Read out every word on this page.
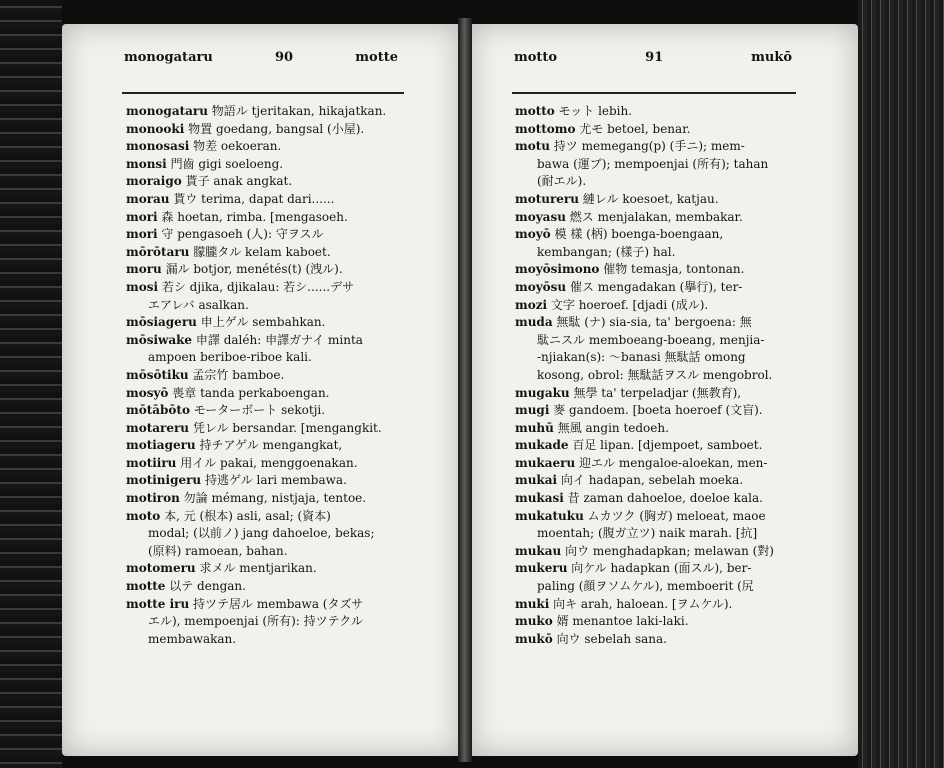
monogataru	90	motte	motto	91	mukō
monogataru 物語ル tjeritakan, hikajatkan.
monooki 物置 goedang, bangsal (小屋).
monosasi 物差 oekoeran.
monsi 門齒 gigi soeloeng.
moraigo 貰子 anak angkat.
morau 貰ウ terima, dapat dari......
mori 森 hoetan, rimba. [mengasoeh.
mori 守 pengasoeh (人): 守ヲスル
mōrōtaru 朦朧タル kelam kaboet.
moru 漏ル botjor, menétés(t) (洩ル).
mosi 若シ djika, djikalau: 若シ......デサ
エアレバ asalkan.
mōsiageru 申上ゲル sembahkan.
mōsiwake 申譯 daléh: 申譯ガナイ minta
ampoen beriboe-riboe kali.
mōsōtiku 孟宗竹 bamboe.
mosyō 喪章 tanda perkaboengan.
mōtābōto モーターボート sekotji.
motareru 凭レル bersandar. [mengangkit.
motiageru 持チアゲル mengangkat,
motiiru 用イル pakai, menggoenakan.
motinigeru 持逃ゲル lari membawa.
motiron 勿論 mémang, nistjaja, tentoe.
moto 本, 元 (根本) asli, asal; (資本)
modal; (以前ノ) jang dahoeloe, bekas;
(原料) ramoean, bahan.
motomeru 求メル mentjarikan.
motte 以テ dengan.
motte iru 持ツテ居ル membawa (タズサ
エル), mempoenjai (所有): 持ツテクル
membawakan.
motto モット lebih.
mottomo 尤モ betoel, benar.
motu 持ツ memegang(p) (手ニ); mem-
bawa (運ブ); mempoenjai (所有); tahan
(耐エル).
motureru 縺レル koesoet, katjau.
moyasu 燃ス menjalakan, membakar.
moyō 模 樣 (柄) boenga-boengaan,
kembangan; (樣子) hal.
moyōsimono 催物 temasja, tontonan.
moyōsu 催ス mengadakan (擧行), ter-
mozi 文字 hoeroef. [djadi (成ル).
muda 無駄 (ナ) sia-sia, ta' bergoena: 無
駄ニスル memboeang-boeang, menjia-
-njiakan(s): ～banasi 無駄話 omong
kosong, obrol: 無駄話ヲスル mengobrol.
mugaku 無學 ta' terpeladjar (無教育),
mugi 麥 gandoem. [boeta hoeroef (文盲).
muhū 無風 angin tedoeh.
mukade 百足 lipan. [djempoet, samboet.
mukaeru 迎エル mengaloe-aloekan, men-
mukai 向イ hadapan, sebelah moeka.
mukasi 昔 zaman dahoeloe, doeloe kala.
mukatuku ムカツク (胸ガ) meloeat, maoe
moentah; (腹ガ立ツ) naik marah. [抗]
mukau 向ウ menghadapkan; melawan (對)
mukeru 向ケル hadapkan (面スル), ber-
paling (顔ヲソムケル), memboerit (尻
muki 向キ arah, haloean. [ヲムケル).
muko 婿 menantoe laki-laki.
mukō 向ウ sebelah sana.
